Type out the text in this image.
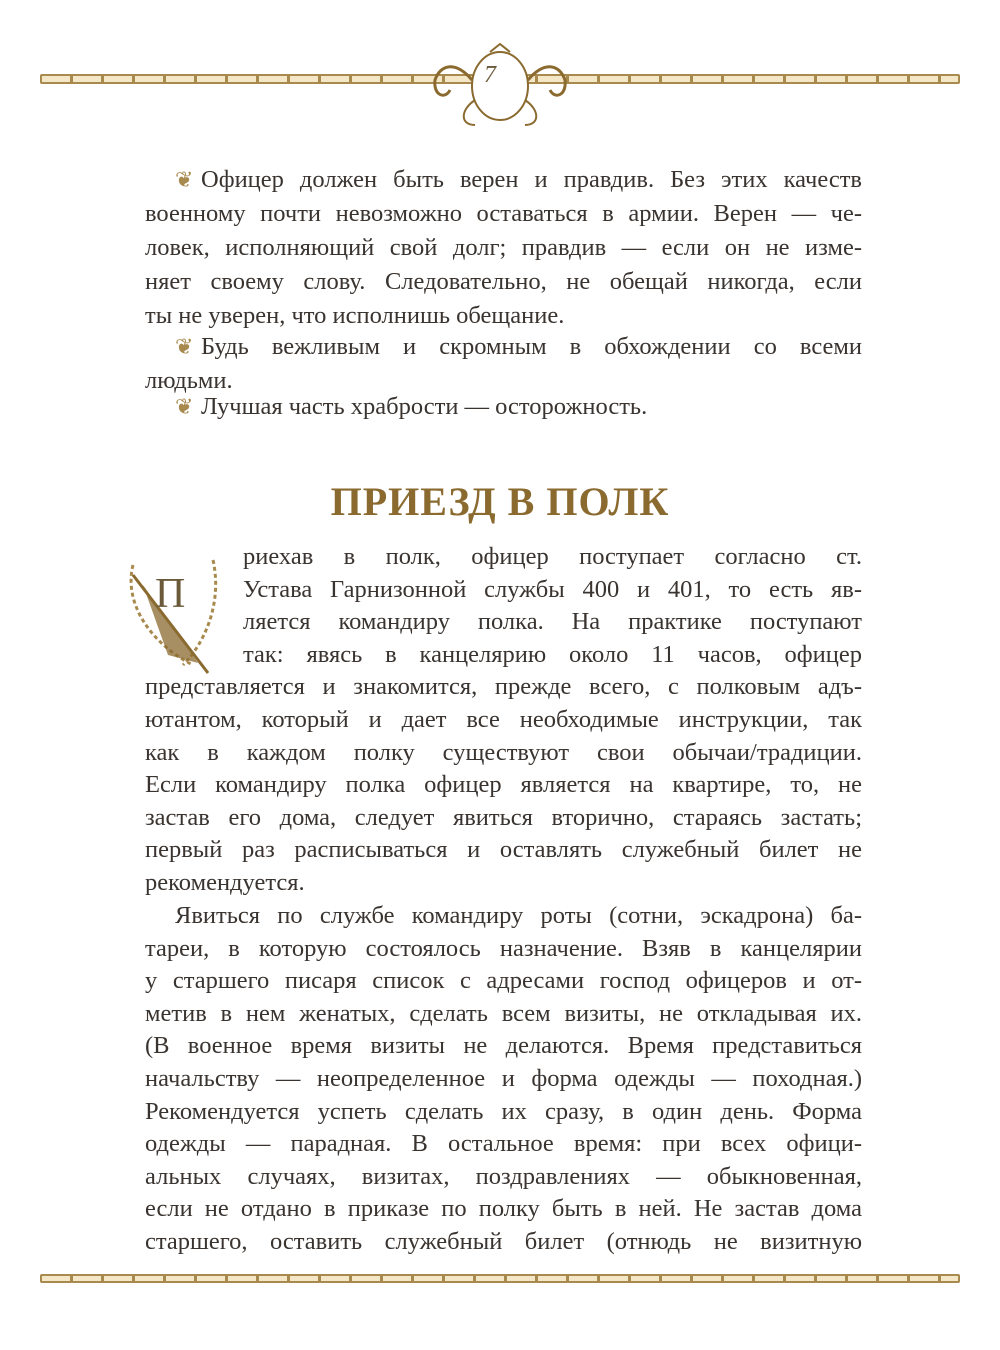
7
❦ Офицер должен быть верен и правдив. Без этих качеств
военному почти невозможно оставаться в армии. Верен — че-
ловек, исполняющий свой долг; правдив — если он не изме-
няет своему слову. Следовательно, не обещай никогда, если
ты не уверен, что исполнишь обещание.
❦ Будь вежливым и скромным в обхождении со всеми
людьми.
❦ Лучшая часть храбрости — осторожность.
ПРИЕЗД В ПОЛК
П
риехав в полк, офицер поступает согласно ст.
Устава Гарнизонной службы 400 и 401, то есть яв-
ляется командиру полка. На практике поступают
так: явясь в канцелярию около 11 часов, офицер
представляется и знакомится, прежде всего, с полковым адъ-
ютантом, который и дает все необходимые инструкции, так
как в каждом полку существуют свои обычаи/традиции.
Если командиру полка офицер является на квартире, то, не
застав его дома, следует явиться вторично, стараясь застать;
первый раз расписываться и оставлять служебный билет не
рекомендуется.
Явиться по службе командиру роты (сотни, эскадрона) ба-
тареи, в которую состоялось назначение. Взяв в канцелярии
у старшего писаря список с адресами господ офицеров и от-
метив в нем женатых, сделать всем визиты, не откладывая их.
(В военное время визиты не делаются. Время представиться
начальству — неопределенное и форма одежды — походная.)
Рекомендуется успеть сделать их сразу, в один день. Форма
одежды — парадная. В остальное время: при всех офици-
альных случаях, визитах, поздравлениях — обыкновенная,
если не отдано в приказе по полку быть в ней. Не застав дома
старшего, оставить служебный билет (отнюдь не визитную
